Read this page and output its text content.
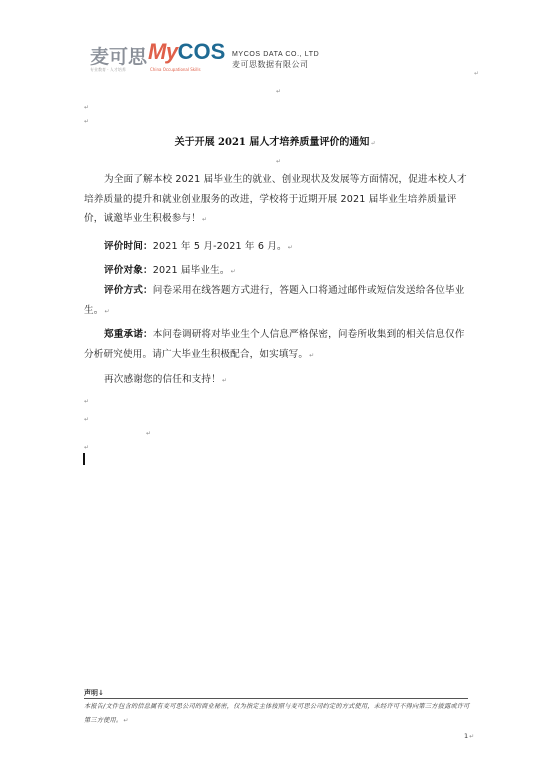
麦可思 MyCOS
专业教育 · 人才培养	China Occupational Skills
MYCOS DATA CO., LTD
麦可思数据有限公司
↵
↵
↵
↵
关于开展 2021 届人才培养质量评价的通知↵
↵
为全面了解本校 2021 届毕业生的就业、创业现状及发展等方面情况，促进本校人才培养质量的提升和就业创业服务的改进，学校将于近期开展 2021 届毕业生培养质量评价，诚邀毕业生积极参与！↵
评价时间：2021 年 5 月-2021 年 6 月。↵
评价对象：2021 届毕业生。↵
评价方式：问卷采用在线答题方式进行，答题入口将通过邮件或短信发送给各位毕业生。↵
郑重承诺：本问卷调研将对毕业生个人信息严格保密，问卷所收集到的相关信息仅作分析研究使用。请广大毕业生积极配合，如实填写。↵
再次感谢您的信任和支持！↵
↵
↵
↵
↵
声明↓
本报告/文件包含的信息属有麦可思公司的商业秘密，仅为指定主体按照与麦可思公司约定的方式使用，未经许可不得向第三方披露或许可第三方使用。↵
1↵
